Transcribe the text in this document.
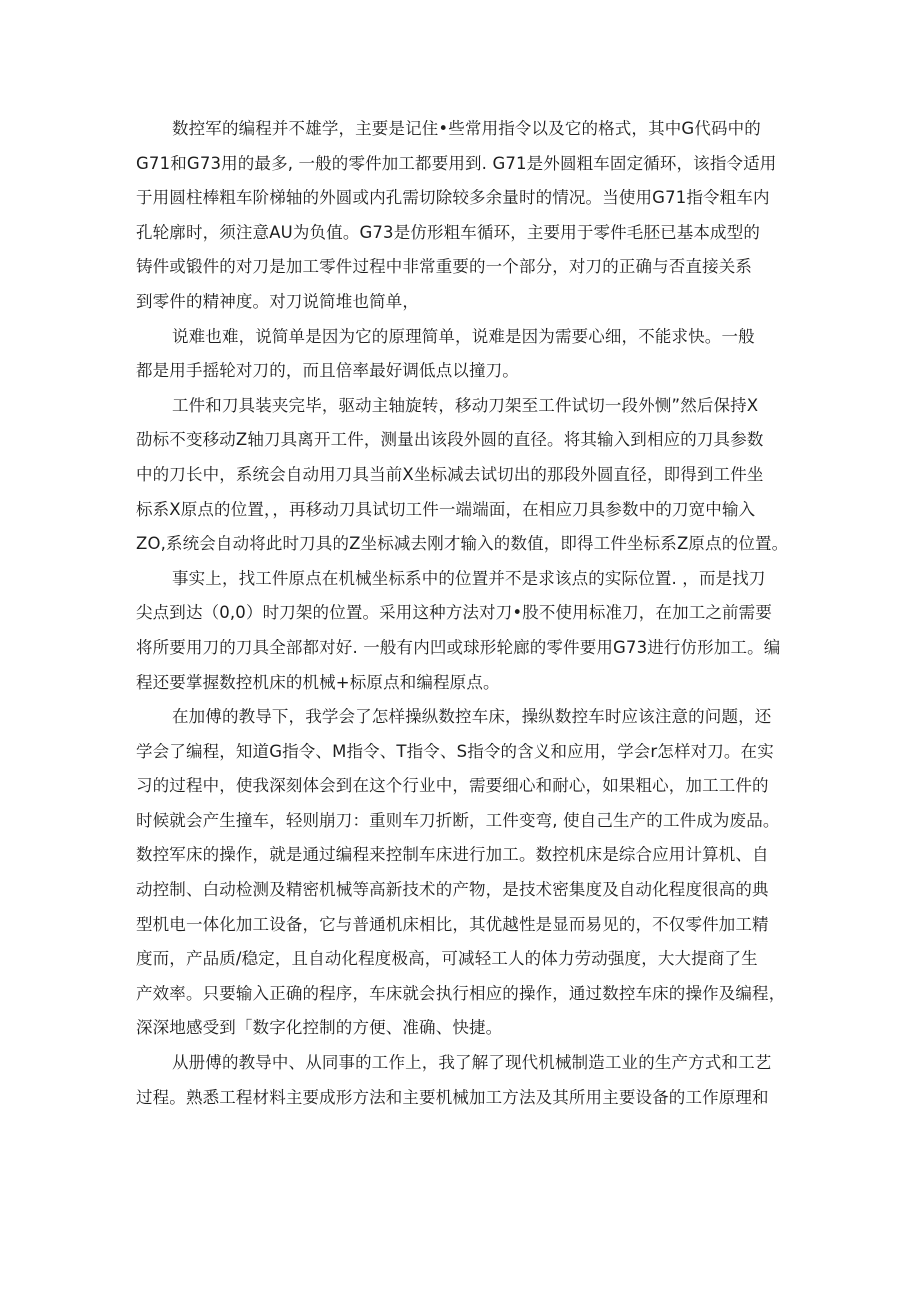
数控军的编程并不雄学，主要是记住•些常用指令以及它的格式，其中G代码中的
G71和G73用的最多, 一般的零件加工都要用到. G71是外圆粗车固定循环，该指令适用
于用圆柱棒粗车阶梯轴的外圆或内孔需切除较多余量时的情况。当使用G71指令粗车内
孔轮廓时，须注意AU为负值。G73是仿形粗车循环，主要用于零件毛胚已基本成型的
铸件或锻件的对刀是加工零件过程中非常重要的一个部分，对刀的正确与否直接关系
到零件的精神度。对刀说简堆也简单，
说难也难，说简单是因为它的原理简单，说难是因为需要心细，不能求快。一般
都是用手摇轮对刀的，而且倍率最好调低点以撞刀。
工件和刀具装夹完毕，驱动主轴旋转，移动刀架至工件试切一段外恻”然后保持X
劭标不变移动Z轴刀具离开工件，测量出该段外圆的直径。将其输入到相应的刀具参数
中的刀长中，系统会自动用刀具当前X坐标减去试切出的那段外圆直径，即得到工件坐
标系X原点的位置，，再移动刀具试切工件一端端面，在相应刀具参数中的刀宽中输入
ZO,系统会自动将此时刀具的Z坐标减去刚才输入的数值，即得工件坐标系Z原点的位置。
事实上，找工件原点在机械坐标系中的位置并不是求该点的实际位置. ，而是找刀
尖点到达（0,0）时刀架的位置。采用这种方法对刀•股不使用标准刀，在加工之前需要
将所要用刀的刀具全部都对好. 一般有内凹或球形轮廊的零件要用G73进行仿形加工。编
程还要掌握数控机床的机械+标原点和编程原点。
在加傅的教导下，我学会了怎样操纵数控车床，操纵数控车时应该注意的问题，还
学会了编程，知道G指令、M指令、T指令、S指令的含义和应用，学会r怎样对刀。在实
习的过程中，使我深刻体会到在这个行业中，需要细心和耐心，如果粗心，加工工件的
时候就会产生撞车，轻则崩刀：重则车刀折断，工件变弯, 使自己生产的工件成为废品。
数控军床的操作，就是通过编程来控制车床进行加工。数控机床是综合应用计算机、自
动控制、白动检测及精密机械等高新技术的产物，是技术密集度及自动化程度很高的典
型机电一体化加工设备，它与普通机床相比，其优越性是显而易见的，不仅零件加工精
度而，产品质/稳定，且自动化程度极高，可减轻工人的体力劳动强度，大大提商了生
产效率。只要输入正确的程序，车床就会执行相应的操作，通过数控车床的操作及编程，
深深地感受到「数字化控制的方便、准确、快捷。
从册傅的教导中、从同事的工作上，我了解了现代机械制造工业的生产方式和工艺
过程。熟悉工程材料主要成形方法和主要机械加工方法及其所用主要设备的工作原理和
